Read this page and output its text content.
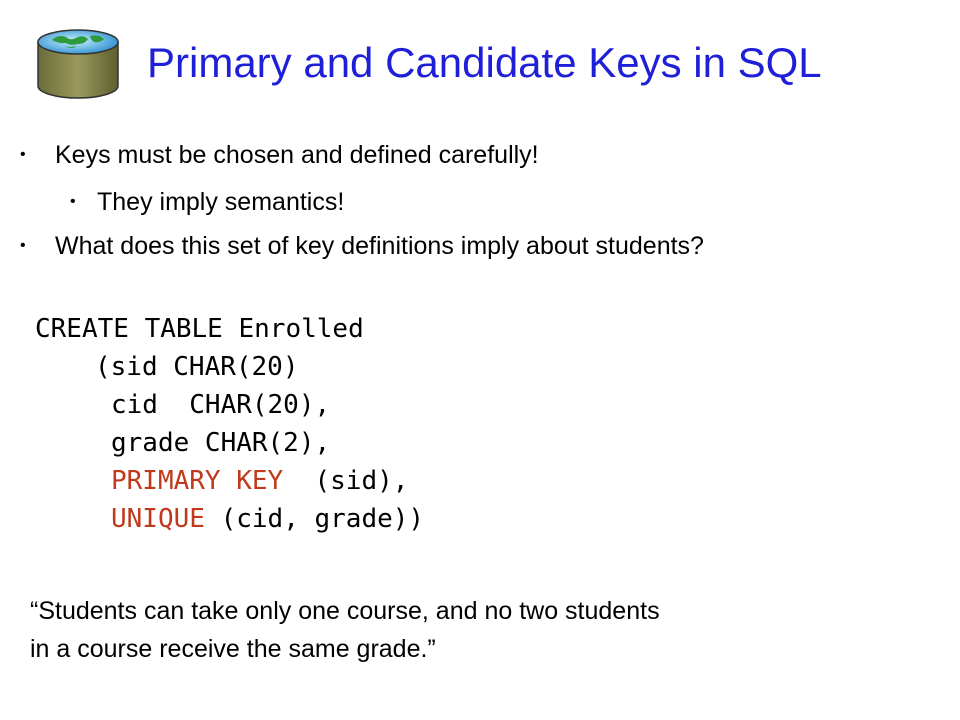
Primary and Candidate Keys in SQL
• Keys must be chosen and defined carefully!
• They imply semantics!
• What does this set of key definitions imply about students?
CREATE TABLE Enrolled
(sid CHAR(20)
cid  CHAR(20),
grade CHAR(2),
PRIMARY KEY  (sid),
UNIQUE (cid, grade))
“Students can take only one course, and no two students
in a course receive the same grade.”
